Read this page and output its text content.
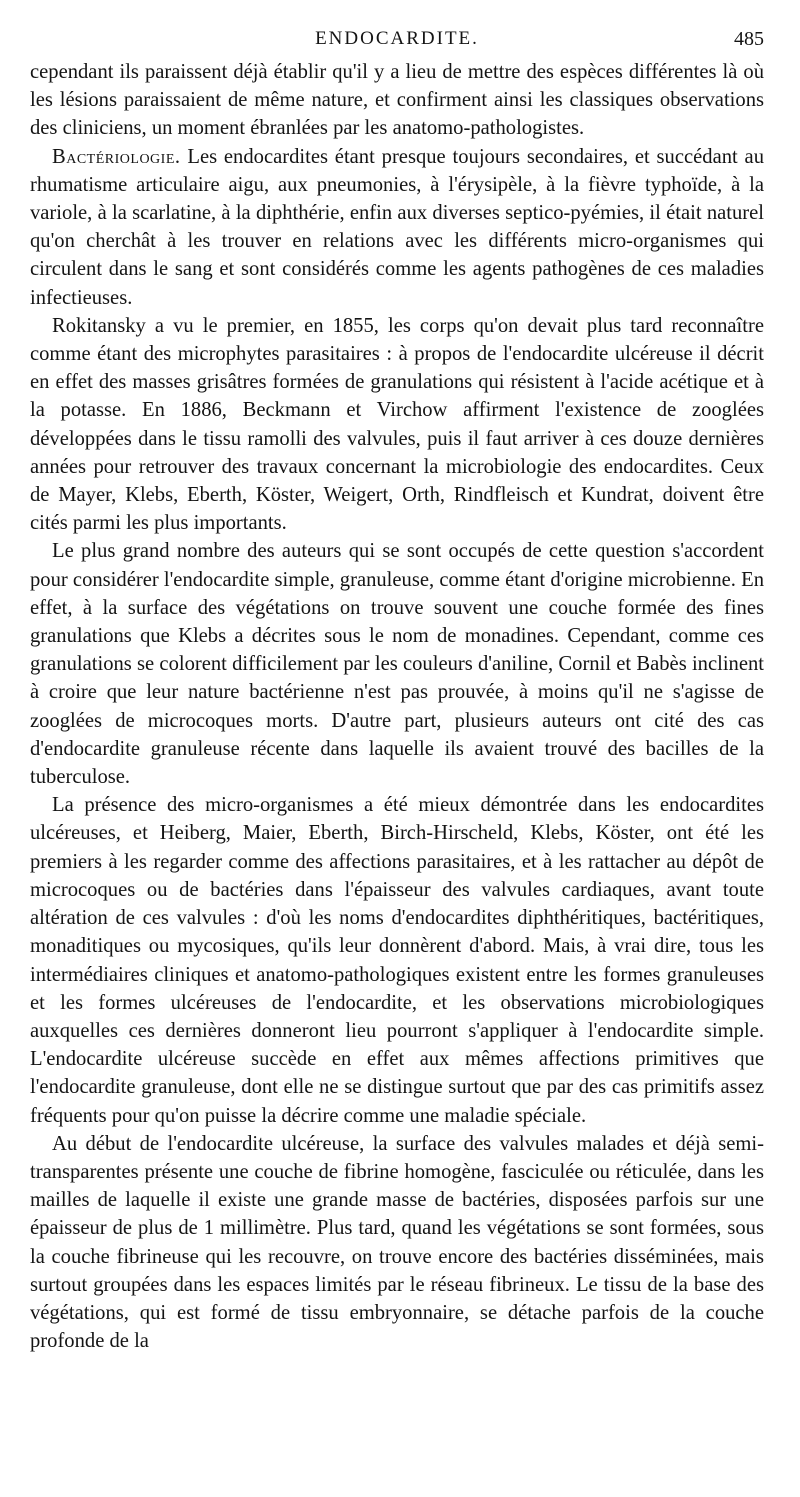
ENDOCARDITE.	485

cependant ils paraissent déjà établir qu'il y a lieu de mettre des espèces différentes là où les lésions paraissaient de même nature, et confirment ainsi les classiques observations des cliniciens, un moment ébranlées par les anatomo-pathologistes.

Bactériologie. Les endocardites étant presque toujours secondaires, et succédant au rhumatisme articulaire aigu, aux pneumonies, à l'érysipèle, à la fièvre typhoïde, à la variole, à la scarlatine, à la diphthérie, enfin aux diverses septico-pyémies, il était naturel qu'on cherchât à les trouver en relations avec les différents micro-organismes qui circulent dans le sang et sont considérés comme les agents pathogènes de ces maladies infectieuses.

Rokitansky a vu le premier, en 1855, les corps qu'on devait plus tard reconnaître comme étant des microphytes parasitaires : à propos de l'endocardite ulcéreuse il décrit en effet des masses grisâtres formées de granulations qui résistent à l'acide acétique et à la potasse. En 1886, Beckmann et Virchow affirment l'existence de zooglées développées dans le tissu ramolli des valvules, puis il faut arriver à ces douze dernières années pour retrouver des travaux concernant la microbiologie des endocardites. Ceux de Mayer, Klebs, Eberth, Köster, Weigert, Orth, Rindfleisch et Kundrat, doivent être cités parmi les plus importants.

Le plus grand nombre des auteurs qui se sont occupés de cette question s'accordent pour considérer l'endocardite simple, granuleuse, comme étant d'origine microbienne. En effet, à la surface des végétations on trouve souvent une couche formée des fines granulations que Klebs a décrites sous le nom de monadines. Cependant, comme ces granulations se colorent difficilement par les couleurs d'aniline, Cornil et Babès inclinent à croire que leur nature bactérienne n'est pas prouvée, à moins qu'il ne s'agisse de zooglées de microcoques morts. D'autre part, plusieurs auteurs ont cité des cas d'endocardite granuleuse récente dans laquelle ils avaient trouvé des bacilles de la tuberculose.

La présence des micro-organismes a été mieux démontrée dans les endocardites ulcéreuses, et Heiberg, Maier, Eberth, Birch-Hirscheld, Klebs, Köster, ont été les premiers à les regarder comme des affections parasitaires, et à les rattacher au dépôt de microcoques ou de bactéries dans l'épaisseur des valvules cardiaques, avant toute altération de ces valvules : d'où les noms d'endocardites diphthéritiques, bactéritiques, monaditiques ou mycosiques, qu'ils leur donnèrent d'abord. Mais, à vrai dire, tous les intermédiaires cliniques et anatomo-pathologiques existent entre les formes granuleuses et les formes ulcéreuses de l'endocardite, et les observations microbiologiques auxquelles ces dernières donneront lieu pourront s'appliquer à l'endocardite simple. L'endocardite ulcéreuse succède en effet aux mêmes affections primitives que l'endocardite granuleuse, dont elle ne se distingue surtout que par des cas primitifs assez fréquents pour qu'on puisse la décrire comme une maladie spéciale.

Au début de l'endocardite ulcéreuse, la surface des valvules malades et déjà semi-transparentes présente une couche de fibrine homogène, fasciculée ou réticulée, dans les mailles de laquelle il existe une grande masse de bactéries, disposées parfois sur une épaisseur de plus de 1 millimètre. Plus tard, quand les végétations se sont formées, sous la couche fibrineuse qui les recouvre, on trouve encore des bactéries disséminées, mais surtout groupées dans les espaces limités par le réseau fibrineux. Le tissu de la base des végétations, qui est formé de tissu embryonnaire, se détache parfois de la couche profonde de la
